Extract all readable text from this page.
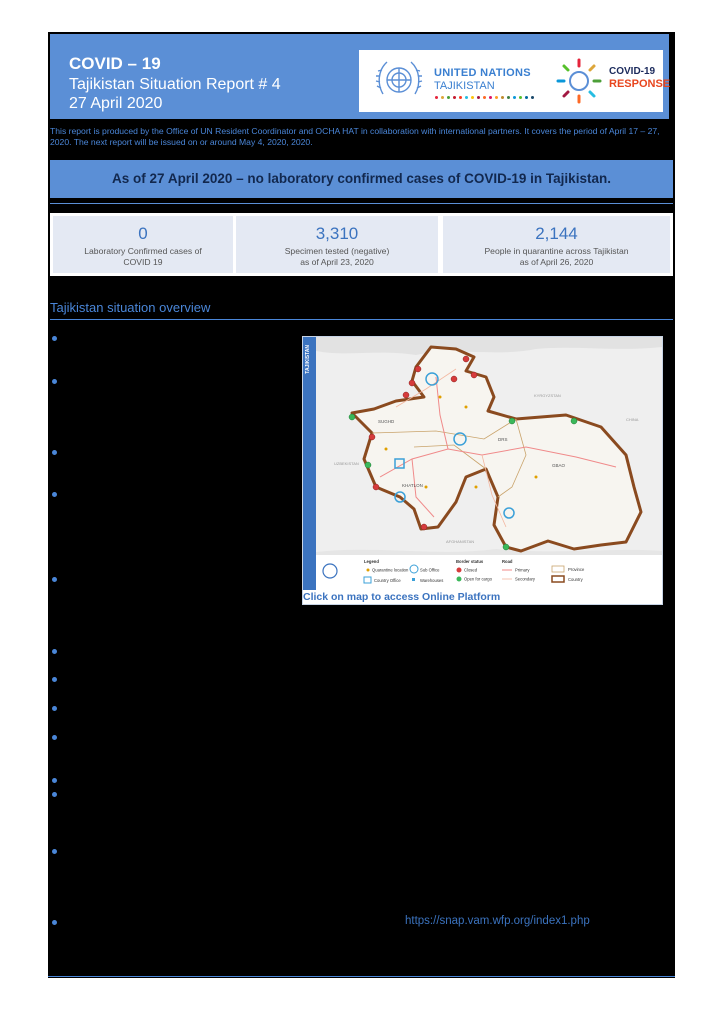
COVID – 19
Tajikistan Situation Report # 4
27 April 2020
UNITED NATIONS
TAJIKISTAN
COVID-19
RESPONSE
This report is produced by the Office of UN Resident Coordinator and OCHA HAT in collaboration with international partners. It covers the period of April 17 – 27, 2020. The next report will be issued on or around May 4, 2020, 2020.
As of 27 April 2020 – no laboratory confirmed cases of COVID-19 in Tajikistan.
0
Laboratory Confirmed cases of
COVID 19
3,310
Specimen tested (negative)
as of April 23, 2020
2,144
People in quarantine across Tajikistan
as of April 26, 2020
Tajikistan situation overview
TAJIKISTAN
SUGHD
DRS
KHATLON
GBAO
UZBEKISTAN
KYRGYZSTAN
AFGHANISTAN
CHINA
Legend
Quarantine location	Sub Office
Country Office	Warehouses
Border status
Closed
Open for cargo
Road
Primary
Secondary
Province
Country
Click on map to access Online Platform
https://snap.vam.wfp.org/index1.php
